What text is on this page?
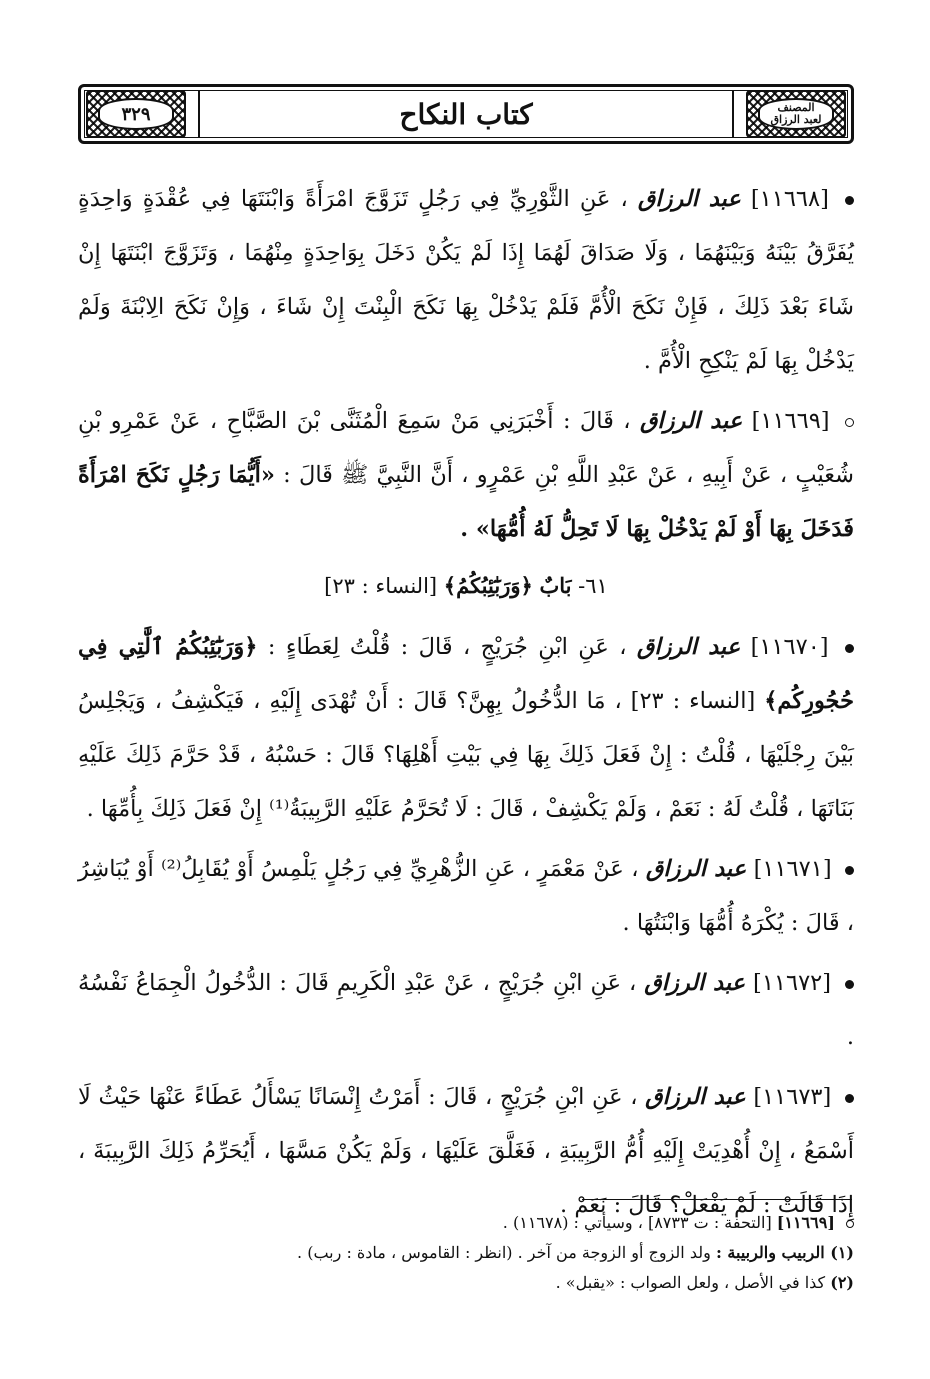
٣٢٩	كتاب النكاح	المصنف
لعبد الرزاق

[١١٦٦٨] عبد الرزاق ، عَنِ الثَّوْرِيِّ فِي رَجُلٍ تَزَوَّجَ امْرَأَةً وَابْنَتَهَا فِي عُقْدَةٍ وَاحِدَةٍ يُفَرَّقُ بَيْنَهُ وَبَيْنَهُمَا ، وَلَا صَدَاقَ لَهُمَا إِذَا لَمْ يَكُنْ دَخَلَ بِوَاحِدَةٍ مِنْهُمَا ، وَتَزَوَّجَ ابْنَتَهَا إِنْ شَاءَ بَعْدَ ذَلِكَ ، فَإِنْ نَكَحَ الْأُمَّ فَلَمْ يَدْخُلْ بِهَا نَكَحَ الْبِنْتَ إِنْ شَاءَ ، وَإِنْ نَكَحَ الِابْنَةَ وَلَمْ يَدْخُلْ بِهَا لَمْ يَنْكِحِ الْأُمَّ .

[١١٦٦٩] عبد الرزاق ، قَالَ : أَخْبَرَنِي مَنْ سَمِعَ الْمُثَنَّى بْنَ الصَّبَّاحِ ، عَنْ عَمْرِو بْنِ شُعَيْبٍ ، عَنْ أَبِيهِ ، عَنْ عَبْدِ اللَّهِ بْنِ عَمْرٍو ، أَنَّ النَّبِيَّ ﷺ قَالَ : «أَيُّمَا رَجُلٍ نَكَحَ امْرَأَةً فَدَخَلَ بِهَا أَوْ لَمْ يَدْخُلْ بِهَا لَا تَحِلُّ لَهُ أُمُّهَا» .

٦١- بَابٌ ﴿وَرَبَٰٓئِبُكُمُ﴾ [النساء : ٢٣]

[١١٦٧٠] عبد الرزاق ، عَنِ ابْنِ جُرَيْجٍ ، قَالَ : قُلْتُ لِعَطَاءٍ : ﴿وَرَبَٰٓئِبُكُمُ ٱلَّٰتِي فِي حُجُورِكُم﴾ [النساء : ٢٣] ، مَا الدُّخُولُ بِهِنَّ؟ قَالَ : أَنْ تُهْدَى إِلَيْهِ ، فَيَكْشِفُ ، وَيَجْلِسُ بَيْنَ رِجْلَيْهَا ، قُلْتُ : إِنْ فَعَلَ ذَلِكَ بِهَا فِي بَيْتِ أَهْلِهَا؟ قَالَ : حَسْبُهُ ، قَدْ حَرَّمَ ذَلِكَ عَلَيْهِ بَنَاتَهَا ، قُلْتُ لَهُ : نَعَمْ ، وَلَمْ يَكْشِفْ ، قَالَ : لَا تُحَرَّمُ عَلَيْهِ الرَّبِيبَةُ⁽¹⁾ إِنْ فَعَلَ ذَلِكَ بِأُمِّهَا .

[١١٦٧١] عبد الرزاق ، عَنْ مَعْمَرٍ ، عَنِ الزُّهْرِيِّ فِي رَجُلٍ يَلْمِسُ أَوْ يُقَابِلُ⁽²⁾ أَوْ يُبَاشِرُ ، قَالَ : يُكْرَهُ أُمُّهَا وَابْنَتُهَا .

[١١٦٧٢] عبد الرزاق ، عَنِ ابْنِ جُرَيْجٍ ، عَنْ عَبْدِ الْكَرِيمِ قَالَ : الدُّخُولُ الْجِمَاعُ نَفْسُهُ .

[١١٦٧٣] عبد الرزاق ، عَنِ ابْنِ جُرَيْجٍ ، قَالَ : أَمَرْتُ إِنْسَانًا يَسْأَلُ عَطَاءً عَنْهَا حَيْثُ لَا أَسْمَعُ ، إِنْ أُهْدِيَتْ إِلَيْهِ أُمُّ الرَّبِيبَةِ ، فَغَلَّقَ عَلَيْهَا ، وَلَمْ يَكُنْ مَسَّهَا ، أَيُحَرِّمُ ذَلِكَ الرَّبِيبَةَ ، إِذَا قَالَتْ : لَمْ يَفْعَلْ؟ قَالَ : نَعَمْ .

[١١٦٦٩] [التحفة : ت ٨٧٣٣] ، وسيأتي : (١١٦٧٨) .

(١) الربيب والربيبة : ولد الزوج أو الزوجة من آخر . (انظر : القاموس ، مادة : ربب) .

(٢) كذا في الأصل ، ولعل الصواب : «يقبل» .
